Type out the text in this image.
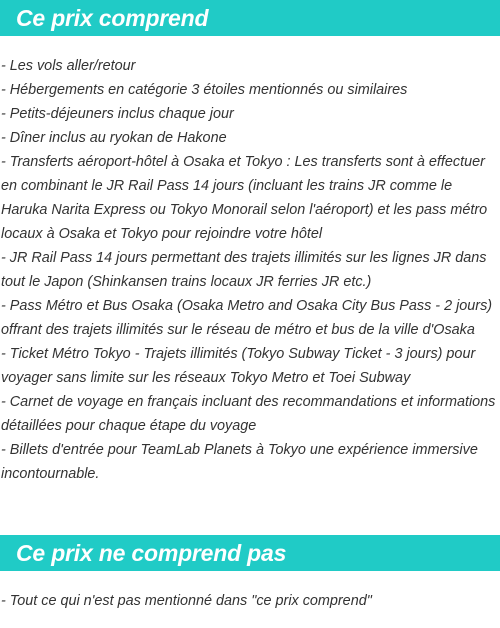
Ce prix comprend
- Les vols aller/retour
- Hébergements en catégorie 3 étoiles mentionnés ou similaires
- Petits-déjeuners inclus chaque jour
- Dîner inclus au ryokan de Hakone
- Transferts aéroport-hôtel à Osaka et Tokyo : Les transferts sont à effectuer en combinant le JR Rail Pass 14 jours (incluant les trains JR comme le Haruka Narita Express ou Tokyo Monorail selon l'aéroport) et les pass métro locaux à Osaka et Tokyo pour rejoindre votre hôtel
- JR Rail Pass 14 jours permettant des trajets illimités sur les lignes JR dans tout le Japon (Shinkansen trains locaux JR ferries JR etc.)
- Pass Métro et Bus Osaka (Osaka Metro and Osaka City Bus Pass - 2 jours) offrant des trajets illimités sur le réseau de métro et bus de la ville d'Osaka
- Ticket Métro Tokyo - Trajets illimités (Tokyo Subway Ticket - 3 jours) pour voyager sans limite sur les réseaux Tokyo Metro et Toei Subway
- Carnet de voyage en français incluant des recommandations et informations détaillées pour chaque étape du voyage
- Billets d'entrée pour TeamLab Planets à Tokyo une expérience immersive incontournable.
Ce prix ne comprend pas
- Tout ce qui n'est pas mentionné dans "ce prix comprend"
